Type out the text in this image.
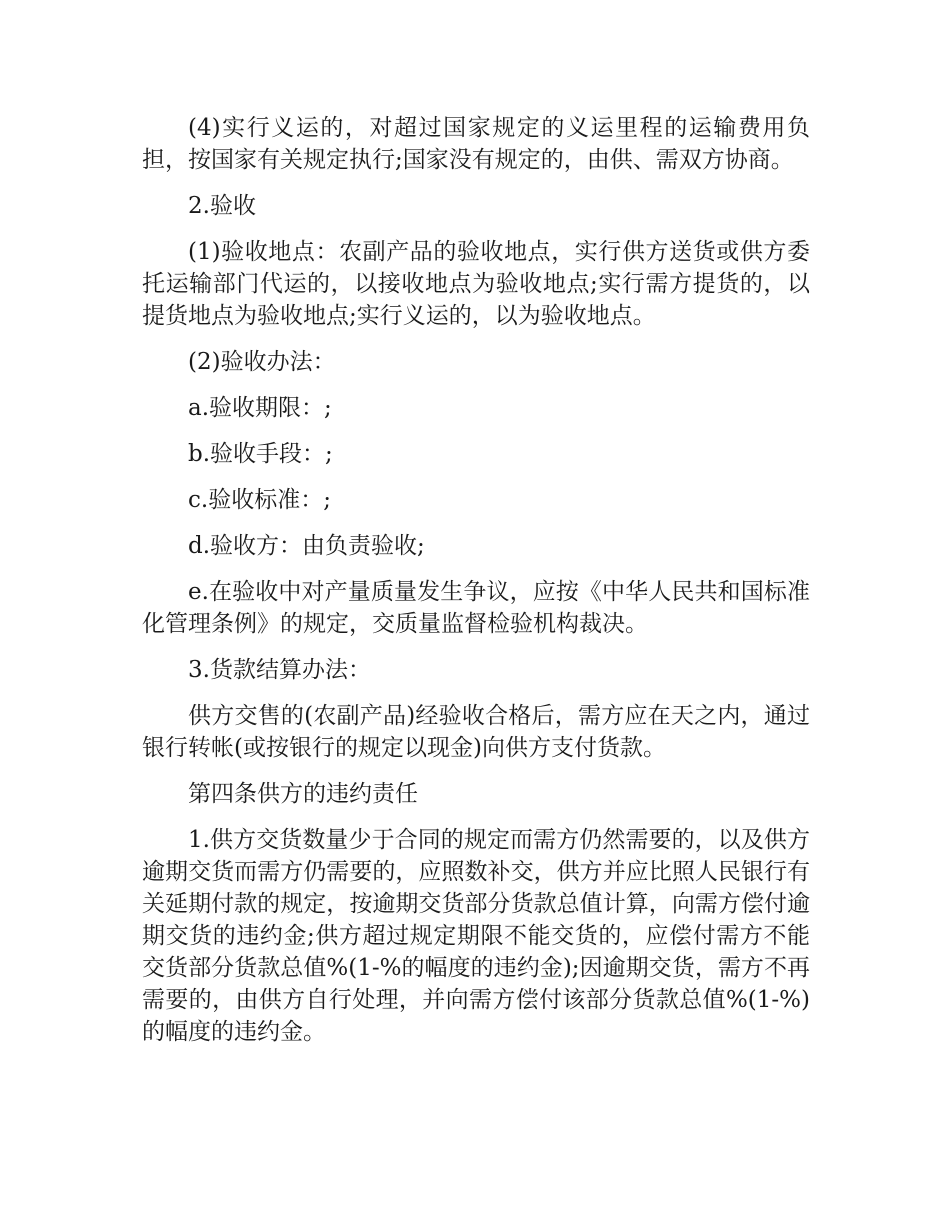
(4)实行义运的，对超过国家规定的义运里程的运输费用负担，按国家有关规定执行;国家没有规定的，由供、需双方协商。

2.验收

(1)验收地点：农副产品的验收地点，实行供方送货或供方委托运输部门代运的，以接收地点为验收地点;实行需方提货的，以提货地点为验收地点;实行义运的，以为验收地点。

(2)验收办法：

a.验收期限：;

b.验收手段：;

c.验收标准：;

d.验收方：由负责验收;

e.在验收中对产量质量发生争议，应按《中华人民共和国标准化管理条例》的规定，交质量监督检验机构裁决。

3.货款结算办法：

供方交售的(农副产品)经验收合格后，需方应在天之内，通过银行转帐(或按银行的规定以现金)向供方支付货款。

第四条供方的违约责任

1.供方交货数量少于合同的规定而需方仍然需要的，以及供方逾期交货而需方仍需要的，应照数补交，供方并应比照人民银行有关延期付款的规定，按逾期交货部分货款总值计算，向需方偿付逾期交货的违约金;供方超过规定期限不能交货的，应偿付需方不能交货部分货款总值%(1-%的幅度的违约金);因逾期交货，需方不再需要的，由供方自行处理，并向需方偿付该部分货款总值%(1-%)的幅度的违约金。
